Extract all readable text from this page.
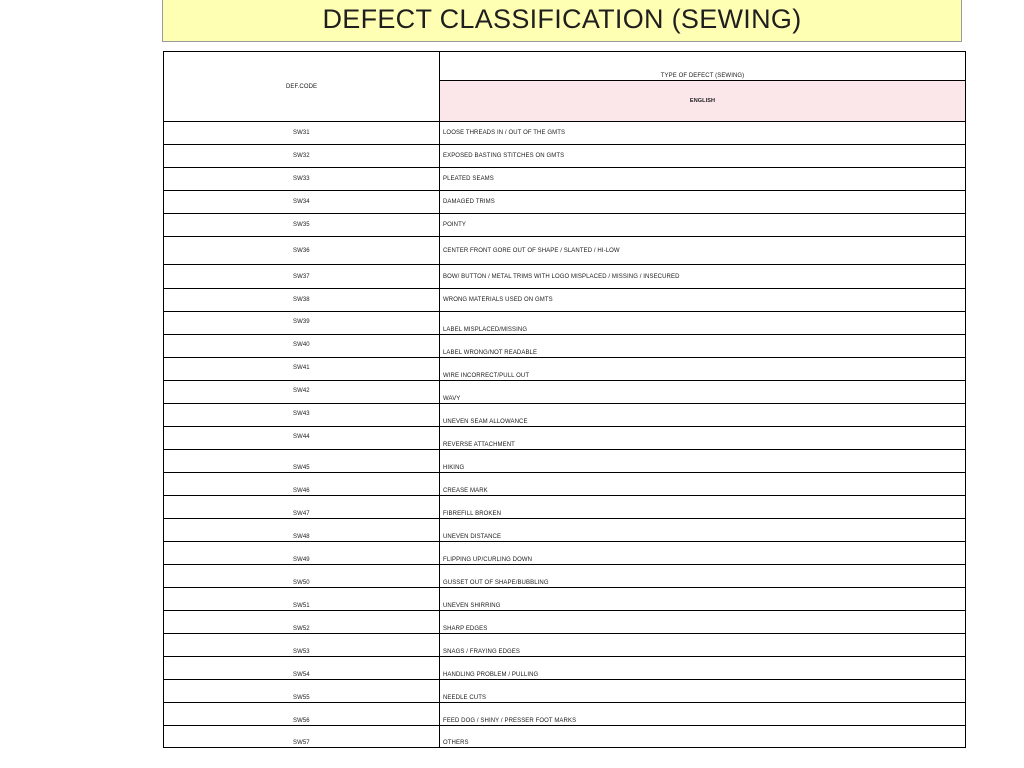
DEFECT CLASSIFICATION (SEWING)
DEF.CODE	TYPE OF DEFECT (SEWING)
	ENGLISH
SW31	LOOSE THREADS IN / OUT OF THE GMTS
SW32	EXPOSED BASTING STITCHES ON GMTS
SW33	PLEATED SEAMS
SW34	DAMAGED TRIMS
SW35	POINTY
SW36	CENTER FRONT GORE OUT OF SHAPE / SLANTED / HI-LOW
SW37	BOW/ BUTTON / METAL TRIMS WITH LOGO MISPLACED / MISSING / INSECURED
SW38	WRONG MATERIALS USED ON GMTS
SW39	LABEL MISPLACED/MISSING
SW40	LABEL WRONG/NOT READABLE
SW41	WIRE INCORRECT/PULL OUT
SW42	WAVY
SW43	UNEVEN SEAM ALLOWANCE
SW44	REVERSE ATTACHMENT
SW45	HIKING
SW46	CREASE MARK
SW47	FIBREFILL BROKEN
SW48	UNEVEN DISTANCE
SW49	FLIPPING UP/CURLING DOWN
SW50	GUSSET OUT OF SHAPE/BUBBLING
SW51	UNEVEN SHIRRING
SW52	SHARP EDGES
SW53	SNAGS / FRAYING EDGES
SW54	HANDLING PROBLEM / PULLING
SW55	NEEDLE CUTS
SW56	FEED DOG / SHINY / PRESSER FOOT MARKS
SW57	OTHERS
